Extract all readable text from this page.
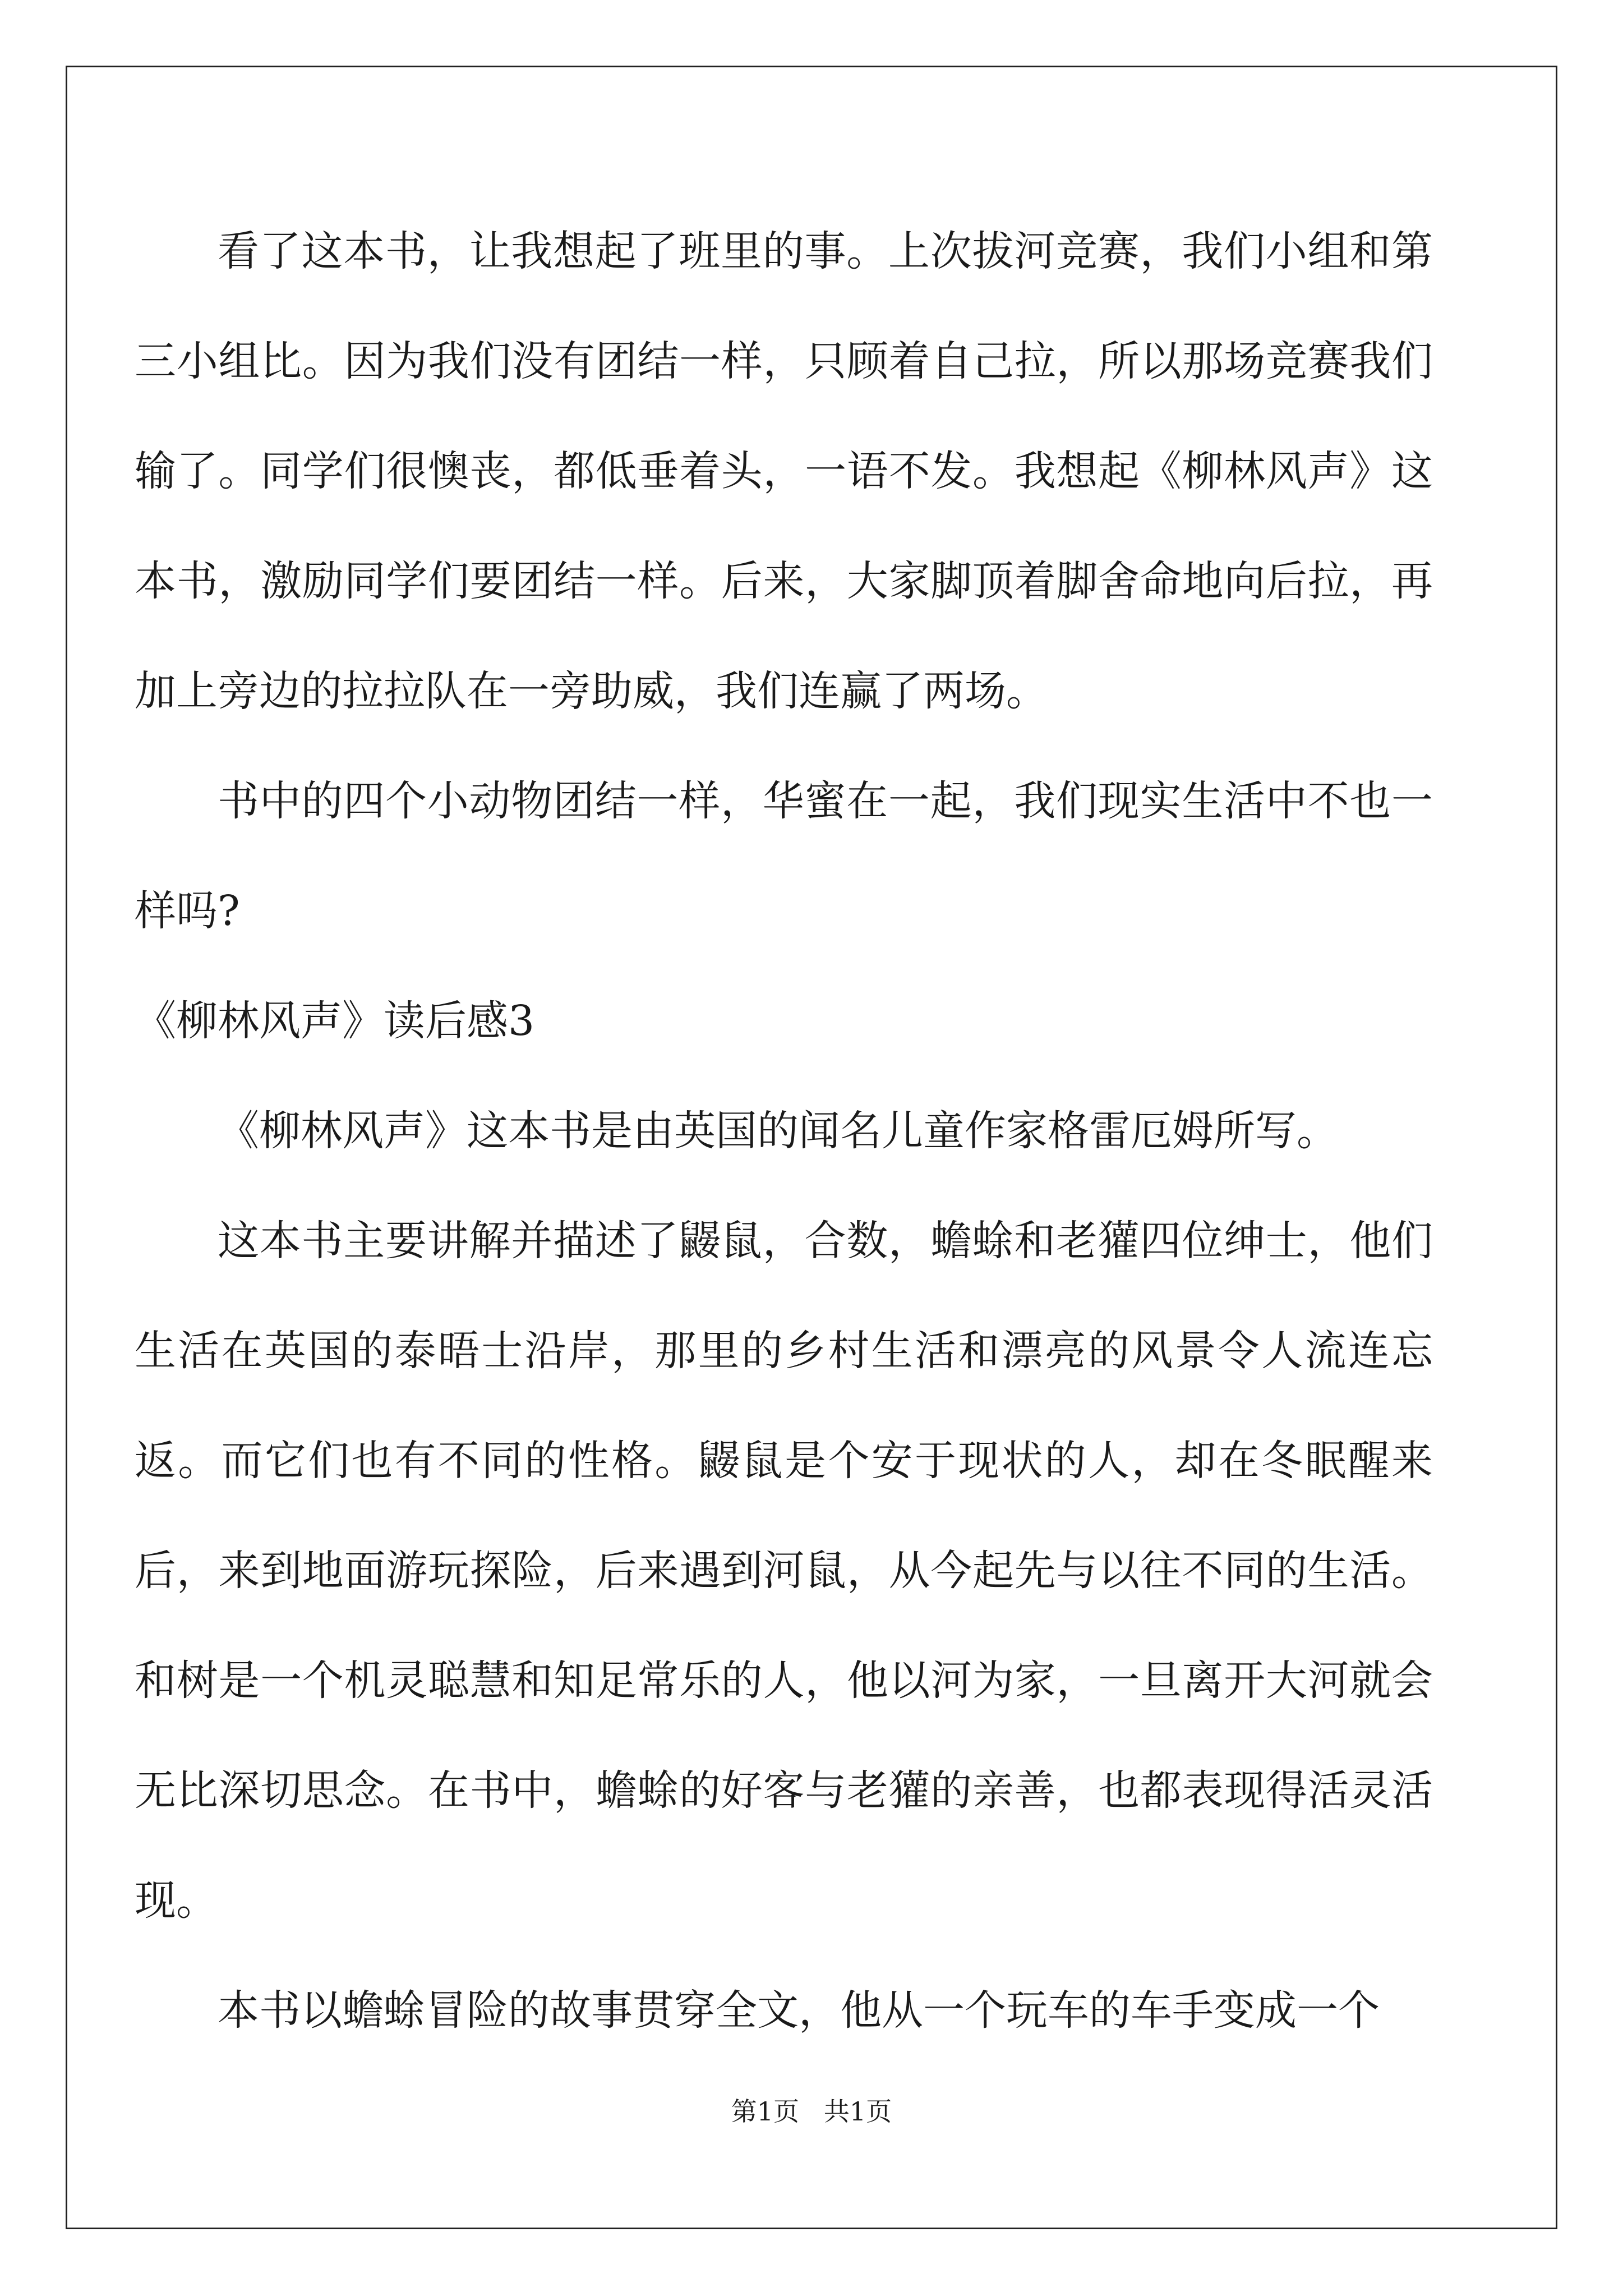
看了这本书，让我想起了班里的事。上次拔河竞赛，我们小组和第三小组比。因为我们没有团结一样，只顾着自己拉，所以那场竞赛我们输了。同学们很懊丧，都低垂着头，一语不发。我想起《柳林风声》这本书，激励同学们要团结一样。后来，大家脚顶着脚舍命地向后拉，再加上旁边的拉拉队在一旁助威，我们连赢了两场。

书中的四个小动物团结一样，华蜜在一起，我们现实生活中不也一样吗?

《柳林风声》读后感3

《柳林风声》这本书是由英国的闻名儿童作家格雷厄姆所写。

这本书主要讲解并描述了鼹鼠，合数，蟾蜍和老獾四位绅士，他们生活在英国的泰晤士沿岸，那里的乡村生活和漂亮的风景令人流连忘返。而它们也有不同的性格。鼹鼠是个安于现状的人，却在冬眠醒来后，来到地面游玩探险，后来遇到河鼠，从今起先与以往不同的生活。和树是一个机灵聪慧和知足常乐的人，他以河为家，一旦离开大河就会无比深切思念。在书中，蟾蜍的好客与老獾的亲善，也都表现得活灵活现。

本书以蟾蜍冒险的故事贯穿全文，他从一个玩车的车手变成一个

第1页   共1页
